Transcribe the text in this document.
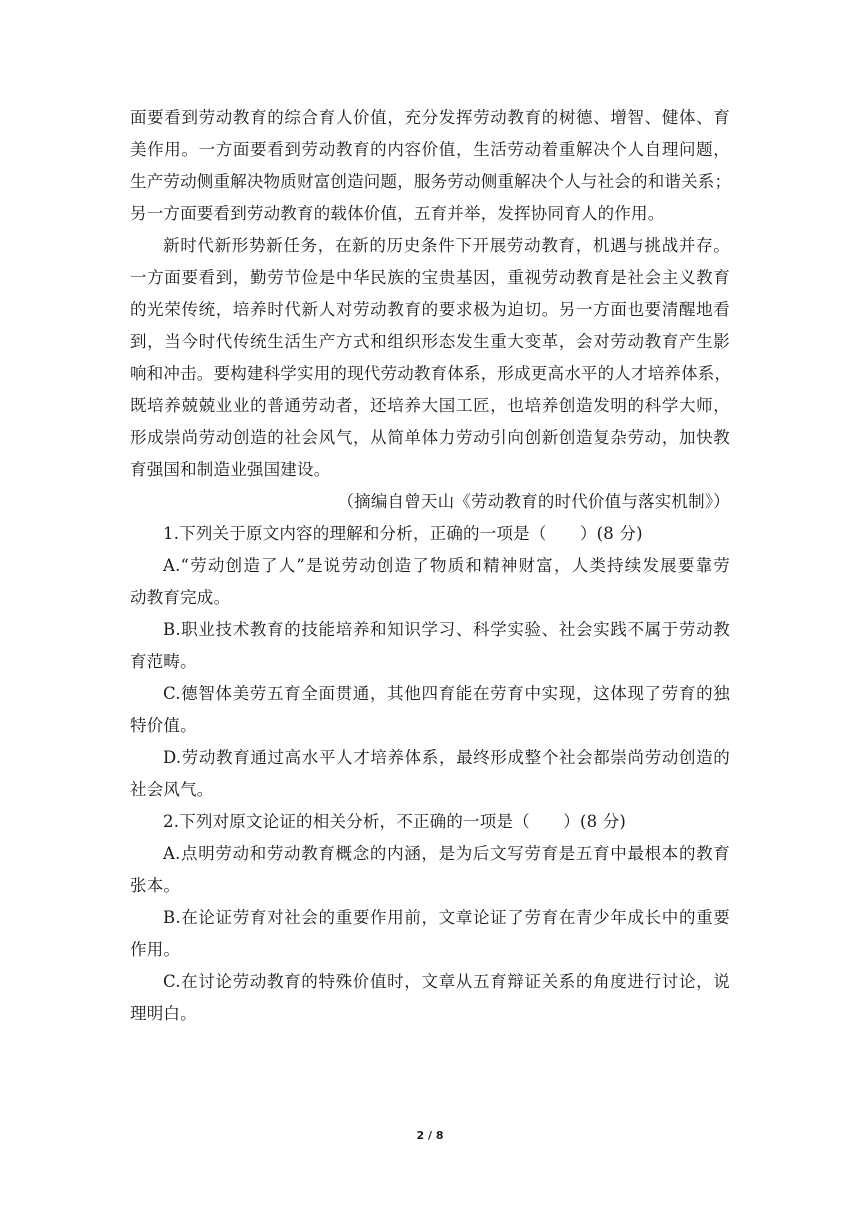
面要看到劳动教育的综合育人价值，充分发挥劳动教育的树德、增智、健体、育
美作用。一方面要看到劳动教育的内容价值，生活劳动着重解决个人自理问题，
生产劳动侧重解决物质财富创造问题，服务劳动侧重解决个人与社会的和谐关系；
另一方面要看到劳动教育的载体价值，五育并举，发挥协同育人的作用。
新时代新形势新任务，在新的历史条件下开展劳动教育，机遇与挑战并存。
一方面要看到，勤劳节俭是中华民族的宝贵基因，重视劳动教育是社会主义教育
的光荣传统，培养时代新人对劳动教育的要求极为迫切。另一方面也要清醒地看
到，当今时代传统生活生产方式和组织形态发生重大变革，会对劳动教育产生影
响和冲击。要构建科学实用的现代劳动教育体系，形成更高水平的人才培养体系，
既培养兢兢业业的普通劳动者，还培养大国工匠，也培养创造发明的科学大师，
形成崇尚劳动创造的社会风气，从简单体力劳动引向创新创造复杂劳动，加快教
育强国和制造业强国建设。
（摘编自曾天山《劳动教育的时代价值与落实机制》）
1.下列关于原文内容的理解和分析，正确的一项是（　　）(8 分)
A.“劳动创造了人”是说劳动创造了物质和精神财富，人类持续发展要靠劳
动教育完成。
B.职业技术教育的技能培养和知识学习、科学实验、社会实践不属于劳动教
育范畴。
C.德智体美劳五育全面贯通，其他四育能在劳育中实现，这体现了劳育的独
特价值。
D.劳动教育通过高水平人才培养体系，最终形成整个社会都崇尚劳动创造的
社会风气。
2.下列对原文论证的相关分析，不正确的一项是（　　）(8 分)
A.点明劳动和劳动教育概念的内涵，是为后文写劳育是五育中最根本的教育
张本。
B.在论证劳育对社会的重要作用前，文章论证了劳育在青少年成长中的重要
作用。
C.在讨论劳动教育的特殊价值时，文章从五育辩证关系的角度进行讨论，说
理明白。
2 / 8
